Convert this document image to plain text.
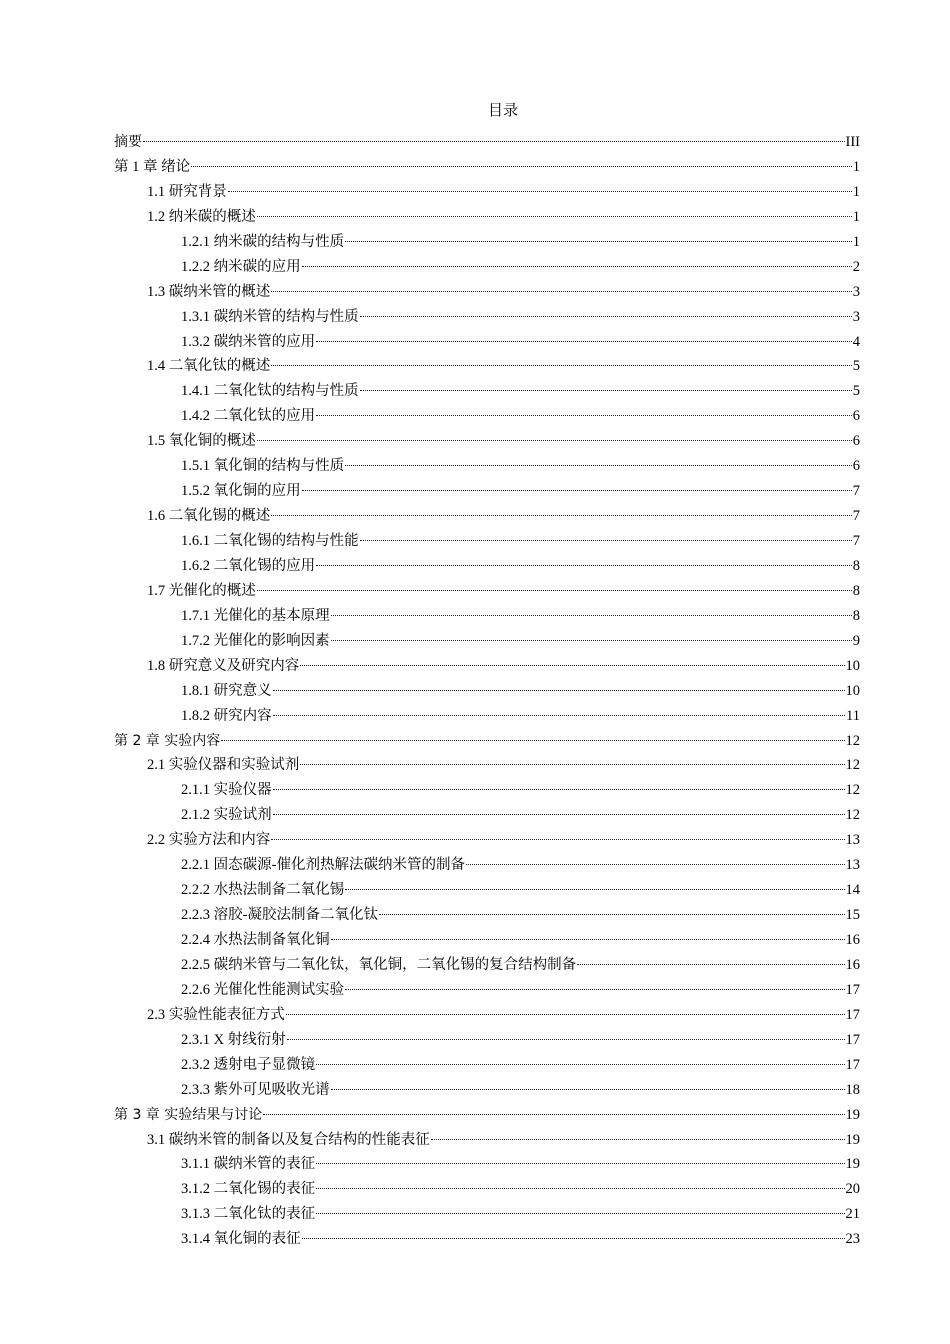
目录
摘要	III
第 1 章 绪论	1
1.1 研究背景	1
1.2 纳米碳的概述	1
1.2.1 纳米碳的结构与性质	1
1.2.2 纳米碳的应用	2
1.3 碳纳米管的概述	3
1.3.1 碳纳米管的结构与性质	3
1.3.2 碳纳米管的应用	4
1.4 二氧化钛的概述	5
1.4.1 二氧化钛的结构与性质	5
1.4.2 二氧化钛的应用	6
1.5 氧化铜的概述	6
1.5.1 氧化铜的结构与性质	6
1.5.2 氧化铜的应用	7
1.6 二氧化锡的概述	7
1.6.1 二氧化锡的结构与性能	7
1.6.2 二氧化锡的应用	8
1.7 光催化的概述	8
1.7.1 光催化的基本原理	8
1.7.2 光催化的影响因素	9
1.8 研究意义及研究内容	10
1.8.1 研究意义	10
1.8.2 研究内容	11
第 2 章 实验内容	12
2.1 实验仪器和实验试剂	12
2.1.1 实验仪器	12
2.1.2 实验试剂	12
2.2 实验方法和内容	13
2.2.1 固态碳源-催化剂热解法碳纳米管的制备	13
2.2.2 水热法制备二氧化锡	14
2.2.3 溶胶-凝胶法制备二氧化钛	15
2.2.4 水热法制备氧化铜	16
2.2.5 碳纳米管与二氧化钛，氧化铜，二氧化锡的复合结构制备	16
2.2.6 光催化性能测试实验	17
2.3 实验性能表征方式	17
2.3.1 X 射线衍射	17
2.3.2 透射电子显微镜	17
2.3.3 紫外可见吸收光谱	18
第 3 章 实验结果与讨论	19
3.1 碳纳米管的制备以及复合结构的性能表征	19
3.1.1 碳纳米管的表征	19
3.1.2 二氧化锡的表征	20
3.1.3 二氧化钛的表征	21
3.1.4 氧化铜的表征	23
